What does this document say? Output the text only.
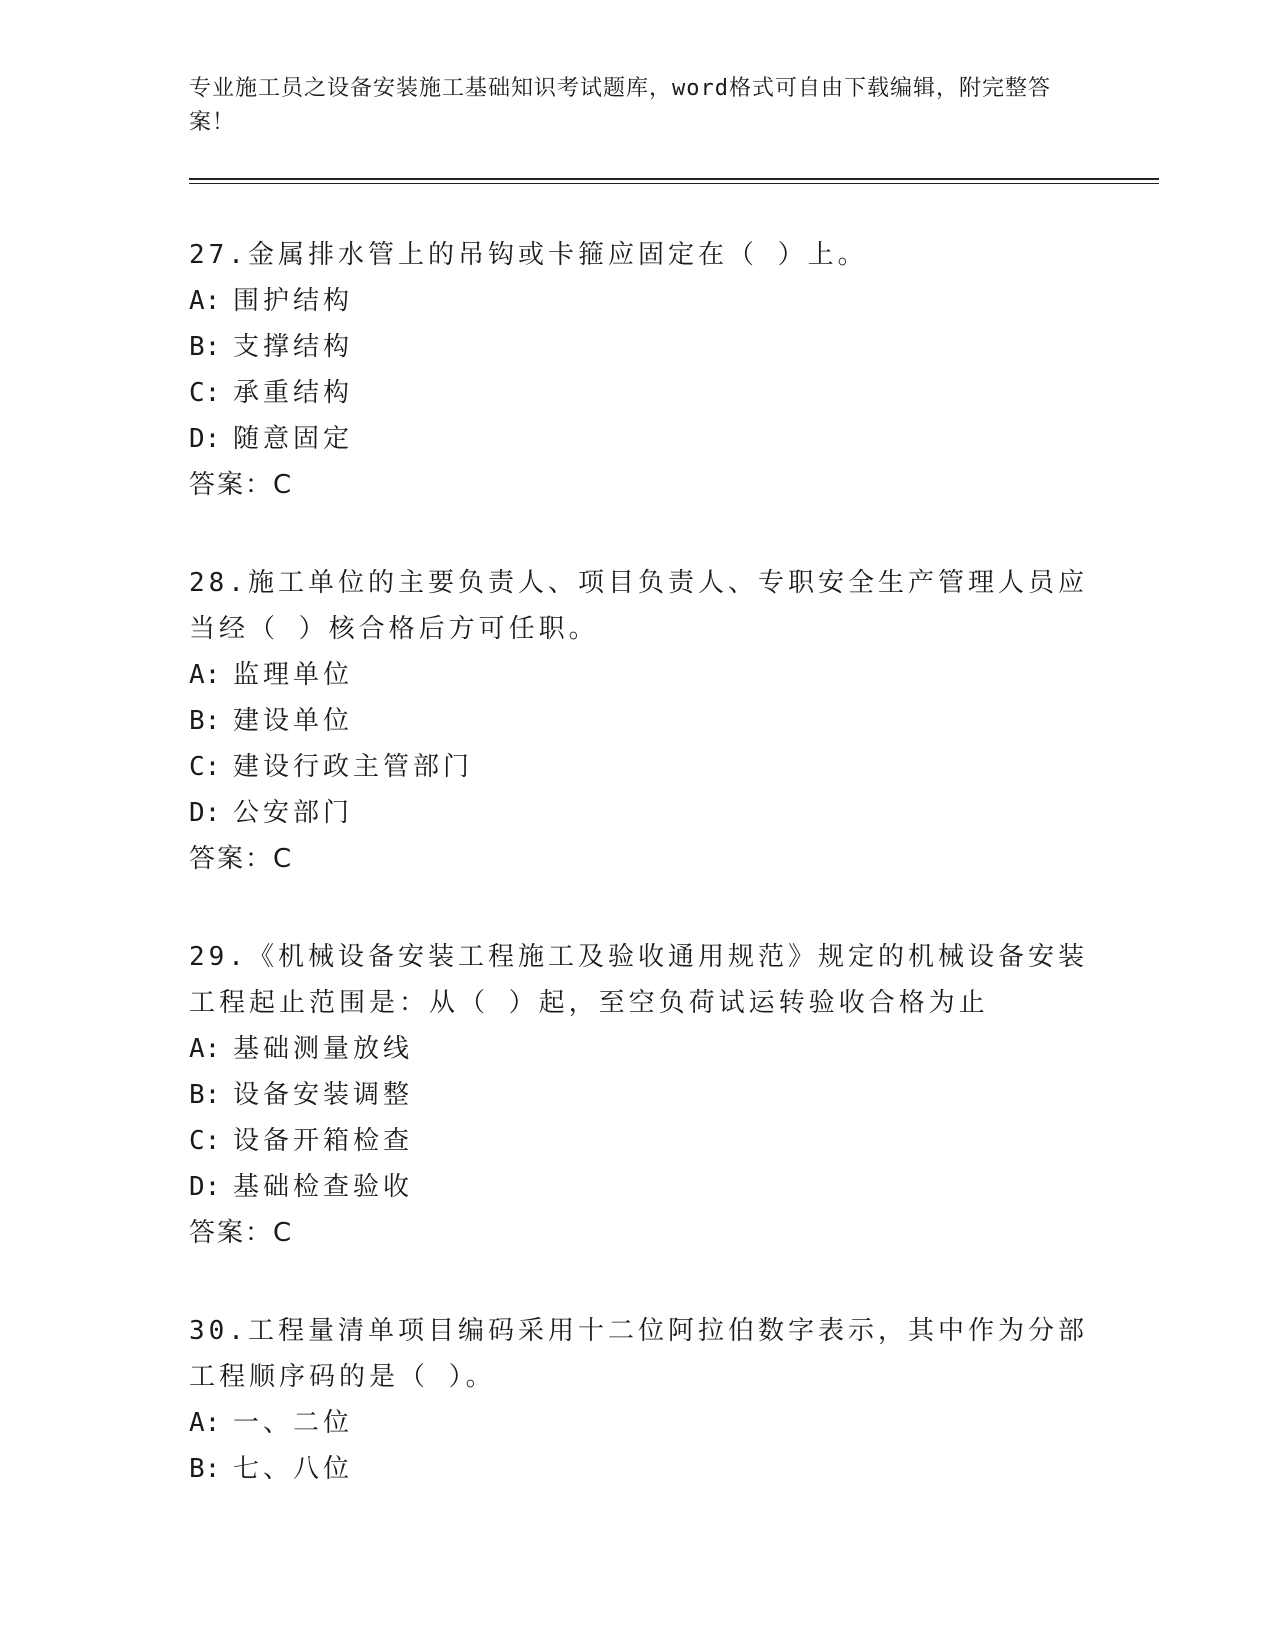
专业施工员之设备安装施工基础知识考试题库，word格式可自由下载编辑，附完整答案！
27.金属排水管上的吊钩或卡箍应固定在（ ）上。
A: 围护结构
B: 支撑结构
C: 承重结构
D: 随意固定
答案：C
28.施工单位的主要负责人、项目负责人、专职安全生产管理人员应当经（ ）核合格后方可任职。
A: 监理单位
B: 建设单位
C: 建设行政主管部门
D: 公安部门
答案：C
29.《机械设备安装工程施工及验收通用规范》规定的机械设备安装工程起止范围是：从（ ）起，至空负荷试运转验收合格为止
A: 基础测量放线
B: 设备安装调整
C: 设备开箱检查
D: 基础检查验收
答案：C
30.工程量清单项目编码采用十二位阿拉伯数字表示，其中作为分部工程顺序码的是（ ）。
A: 一、二位
B: 七、八位
